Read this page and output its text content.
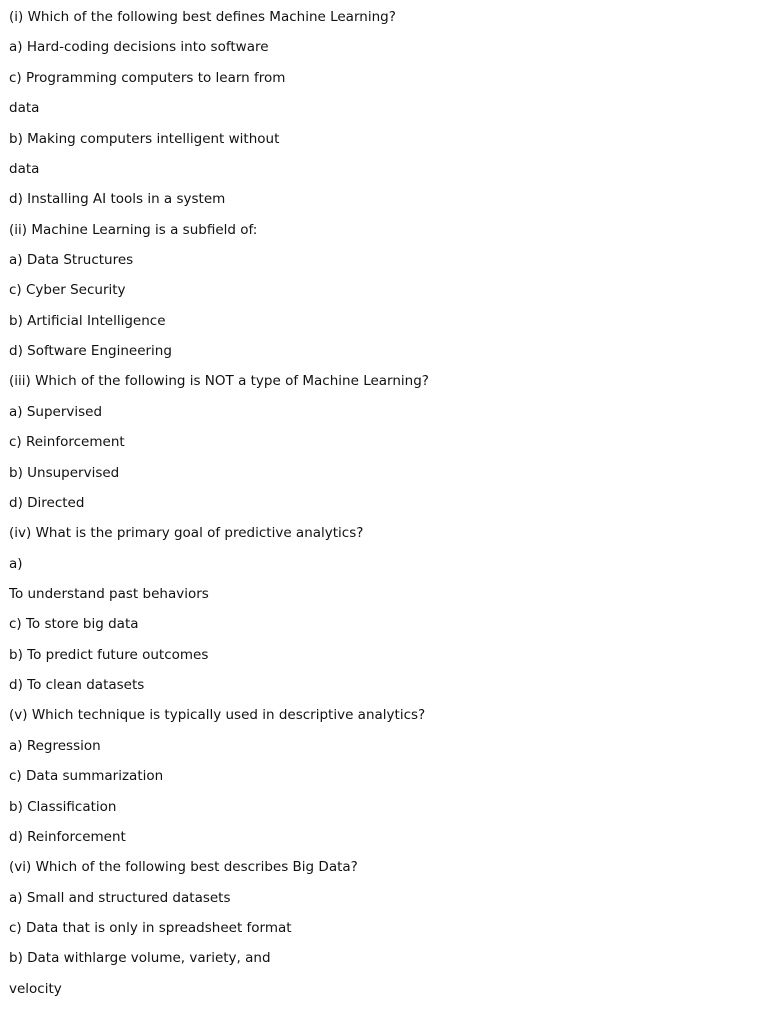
(i) Which of the following best defines Machine Learning?
a) Hard-coding decisions into software
c) Programming computers to learn from
data
b) Making computers intelligent without
data
d) Installing AI tools in a system
(ii) Machine Learning is a subfield of:
a) Data Structures
c) Cyber Security
b) Artificial Intelligence
d) Software Engineering
(iii) Which of the following is NOT a type of Machine Learning?
a) Supervised
c) Reinforcement
b) Unsupervised
d) Directed
(iv) What is the primary goal of predictive analytics?
a)
To understand past behaviors
c) To store big data
b) To predict future outcomes
d) To clean datasets
(v) Which technique is typically used in descriptive analytics?
a) Regression
c) Data summarization
b) Classification
d) Reinforcement
(vi) Which of the following best describes Big Data?
a) Small and structured datasets
c) Data that is only in spreadsheet format
b) Data withlarge volume, variety, and
velocity
